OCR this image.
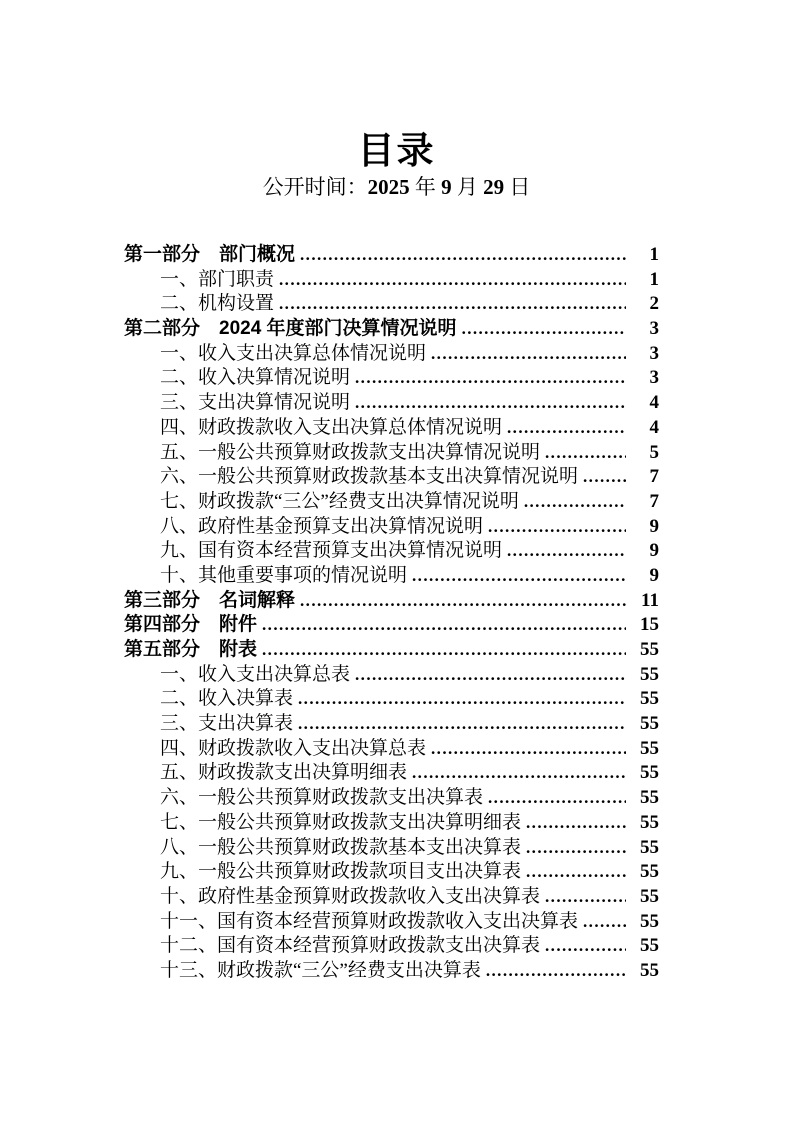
目录
公开时间：2025 年 9 月 29 日
第一部分　部门概况 .....	1
一、部门职责 .....	1
二、机构设置 .....	2
第二部分　2024 年度部门决算情况说明 .....	3
一、收入支出决算总体情况说明 .....	3
二、收入决算情况说明 .....	3
三、支出决算情况说明 .....	4
四、财政拨款收入支出决算总体情况说明 .....	4
五、一般公共预算财政拨款支出决算情况说明 .....	5
六、一般公共预算财政拨款基本支出决算情况说明 .....	7
七、财政拨款“三公”经费支出决算情况说明 .....	7
八、政府性基金预算支出决算情况说明 .....	9
九、国有资本经营预算支出决算情况说明 .....	9
十、其他重要事项的情况说明 .....	9
第三部分　名词解释 .....	11
第四部分　附件 .....	15
第五部分　附表 .....	55
一、收入支出决算总表 .....	55
二、收入决算表 .....	55
三、支出决算表 .....	55
四、财政拨款收入支出决算总表 .....	55
五、财政拨款支出决算明细表 .....	55
六、一般公共预算财政拨款支出决算表 .....	55
七、一般公共预算财政拨款支出决算明细表 .....	55
八、一般公共预算财政拨款基本支出决算表 .....	55
九、一般公共预算财政拨款项目支出决算表 .....	55
十、政府性基金预算财政拨款收入支出决算表 .....	55
十一、国有资本经营预算财政拨款收入支出决算表 .....	55
十二、国有资本经营预算财政拨款支出决算表 .....	55
十三、财政拨款“三公”经费支出决算表 .....	55
